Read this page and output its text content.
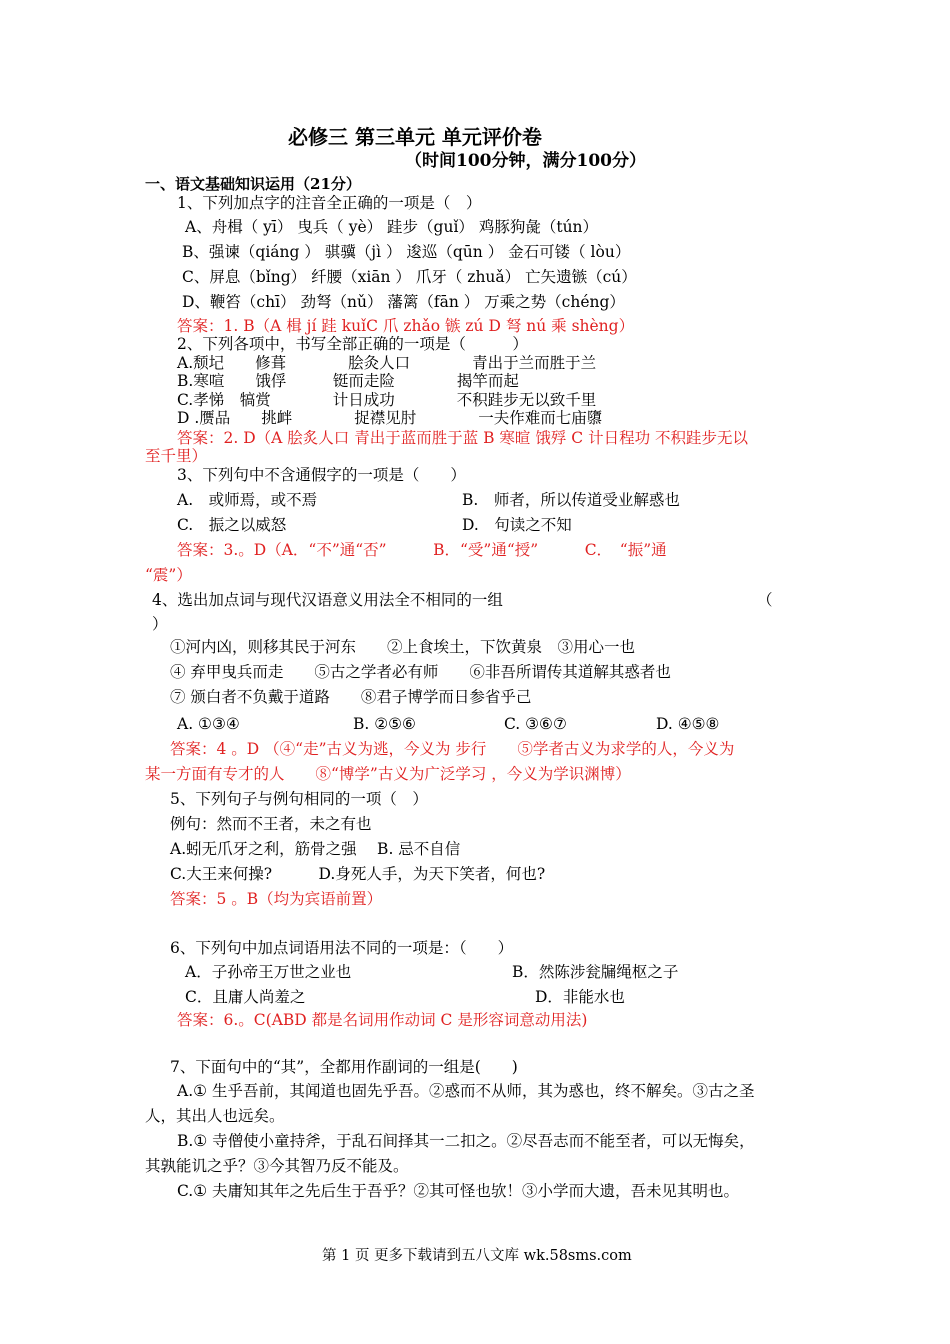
必修三 第三单元 单元评价卷
（时间100分钟，满分100分）
一、语文基础知识运用（21分）
1、下列加点字的注音全正确的一项是（　）
A、舟楫（ yī） 曳兵（ yè） 跬步（guǐ） 鸡豚狗彘（tún）
B、强谏（qiáng ） 骐骥（jì ） 逡巡（qūn ） 金石可镂（ lòu）
C、屏息（bǐng） 纤腰（xiān ） 爪牙（ zhuǎ） 亡矢遗镞（cú）
D、鞭笞（chī） 劲弩（nǔ） 藩篱（fān ） 万乘之势（chéng）
答案：1. B（A 楫 jí 跬 kuǐC 爪 zhǎo 镞 zú D 弩 nú 乘 shèng）
2、下列各项中，书写全部正确的一项是（　　　）
A.颓圮　　修葺　　　　脍灸人口　　　　青出于兰而胜于兰
B.寒喧　　饿俘　　　铤而走险　　　　揭竿而起
C.孝悌　犒赏　　　　计日成功　　　　不积跬步无以致千里
D .赝品　　挑衅　　　　捉襟见肘　　　　一夫作难而七庙隳
答案：2. D（A 脍炙人口 青出于蓝而胜于蓝 B 寒暄 饿殍 C 计日程功 不积跬步无以
至千里）
3、下列句中不含通假字的一项是（　　）
A.　或师焉，或不焉	B.　师者，所以传道受业解惑也
C.　振之以威怒	D.　句读之不知
答案：3.。D（A．“不”通“否”　　　B．“受”通“授”　　　C．　“振”通
“震”）
4、选出加点词与现代汉语意义用法全不相同的一组	（
）
①河内凶，则移其民于河东　　②上食埃土，下饮黄泉　③用心一也
④ 弃甲曳兵而走　　⑤古之学者必有师　　⑥非吾所谓传其道解其惑者也
⑦ 颁白者不负戴于道路　　⑧君子博学而日参省乎己
A. ①③④	B. ②⑤⑥	C. ③⑥⑦	D. ④⑤⑧
答案：4 。D （④“走”古义为逃，今义为 步行　　⑤学者古义为求学的人，今义为
某一方面有专才的人　　⑧“博学”古义为广泛学习 ，今义为学识渊博）
5、下列句子与例句相同的一项（　）
例句：然而不王者，未之有也
A.蚓无爪牙之利，筋骨之强　 B. 忌不自信
C.大王来何操?　　　D.身死人手，为天下笑者，何也?
答案：5 。B（均为宾语前置）
6、下列句中加点词语用法不同的一项是：（　　）
A．子孙帝王万世之业也	B．然陈涉瓮牖绳枢之子
C．且庸人尚羞之	D．非能水也
答案：6.。C(ABD 都是名词用作动词 C 是形容词意动用法)
7、下面句中的“其”，全都用作副词的一组是(　　)
A.① 生乎吾前，其闻道也固先乎吾。②惑而不从师，其为惑也，终不解矣。③古之圣
人，其出人也远矣。
B.① 寺僧使小童持斧，于乱石间择其一二扣之。②尽吾志而不能至者，可以无悔矣，
其孰能讥之乎？③今其智乃反不能及。
C.① 夫庸知其年之先后生于吾乎？②其可怪也欤！③小学而大遗，吾未见其明也。
第 1 页 更多下载请到五八文库 wk.58sms.com
